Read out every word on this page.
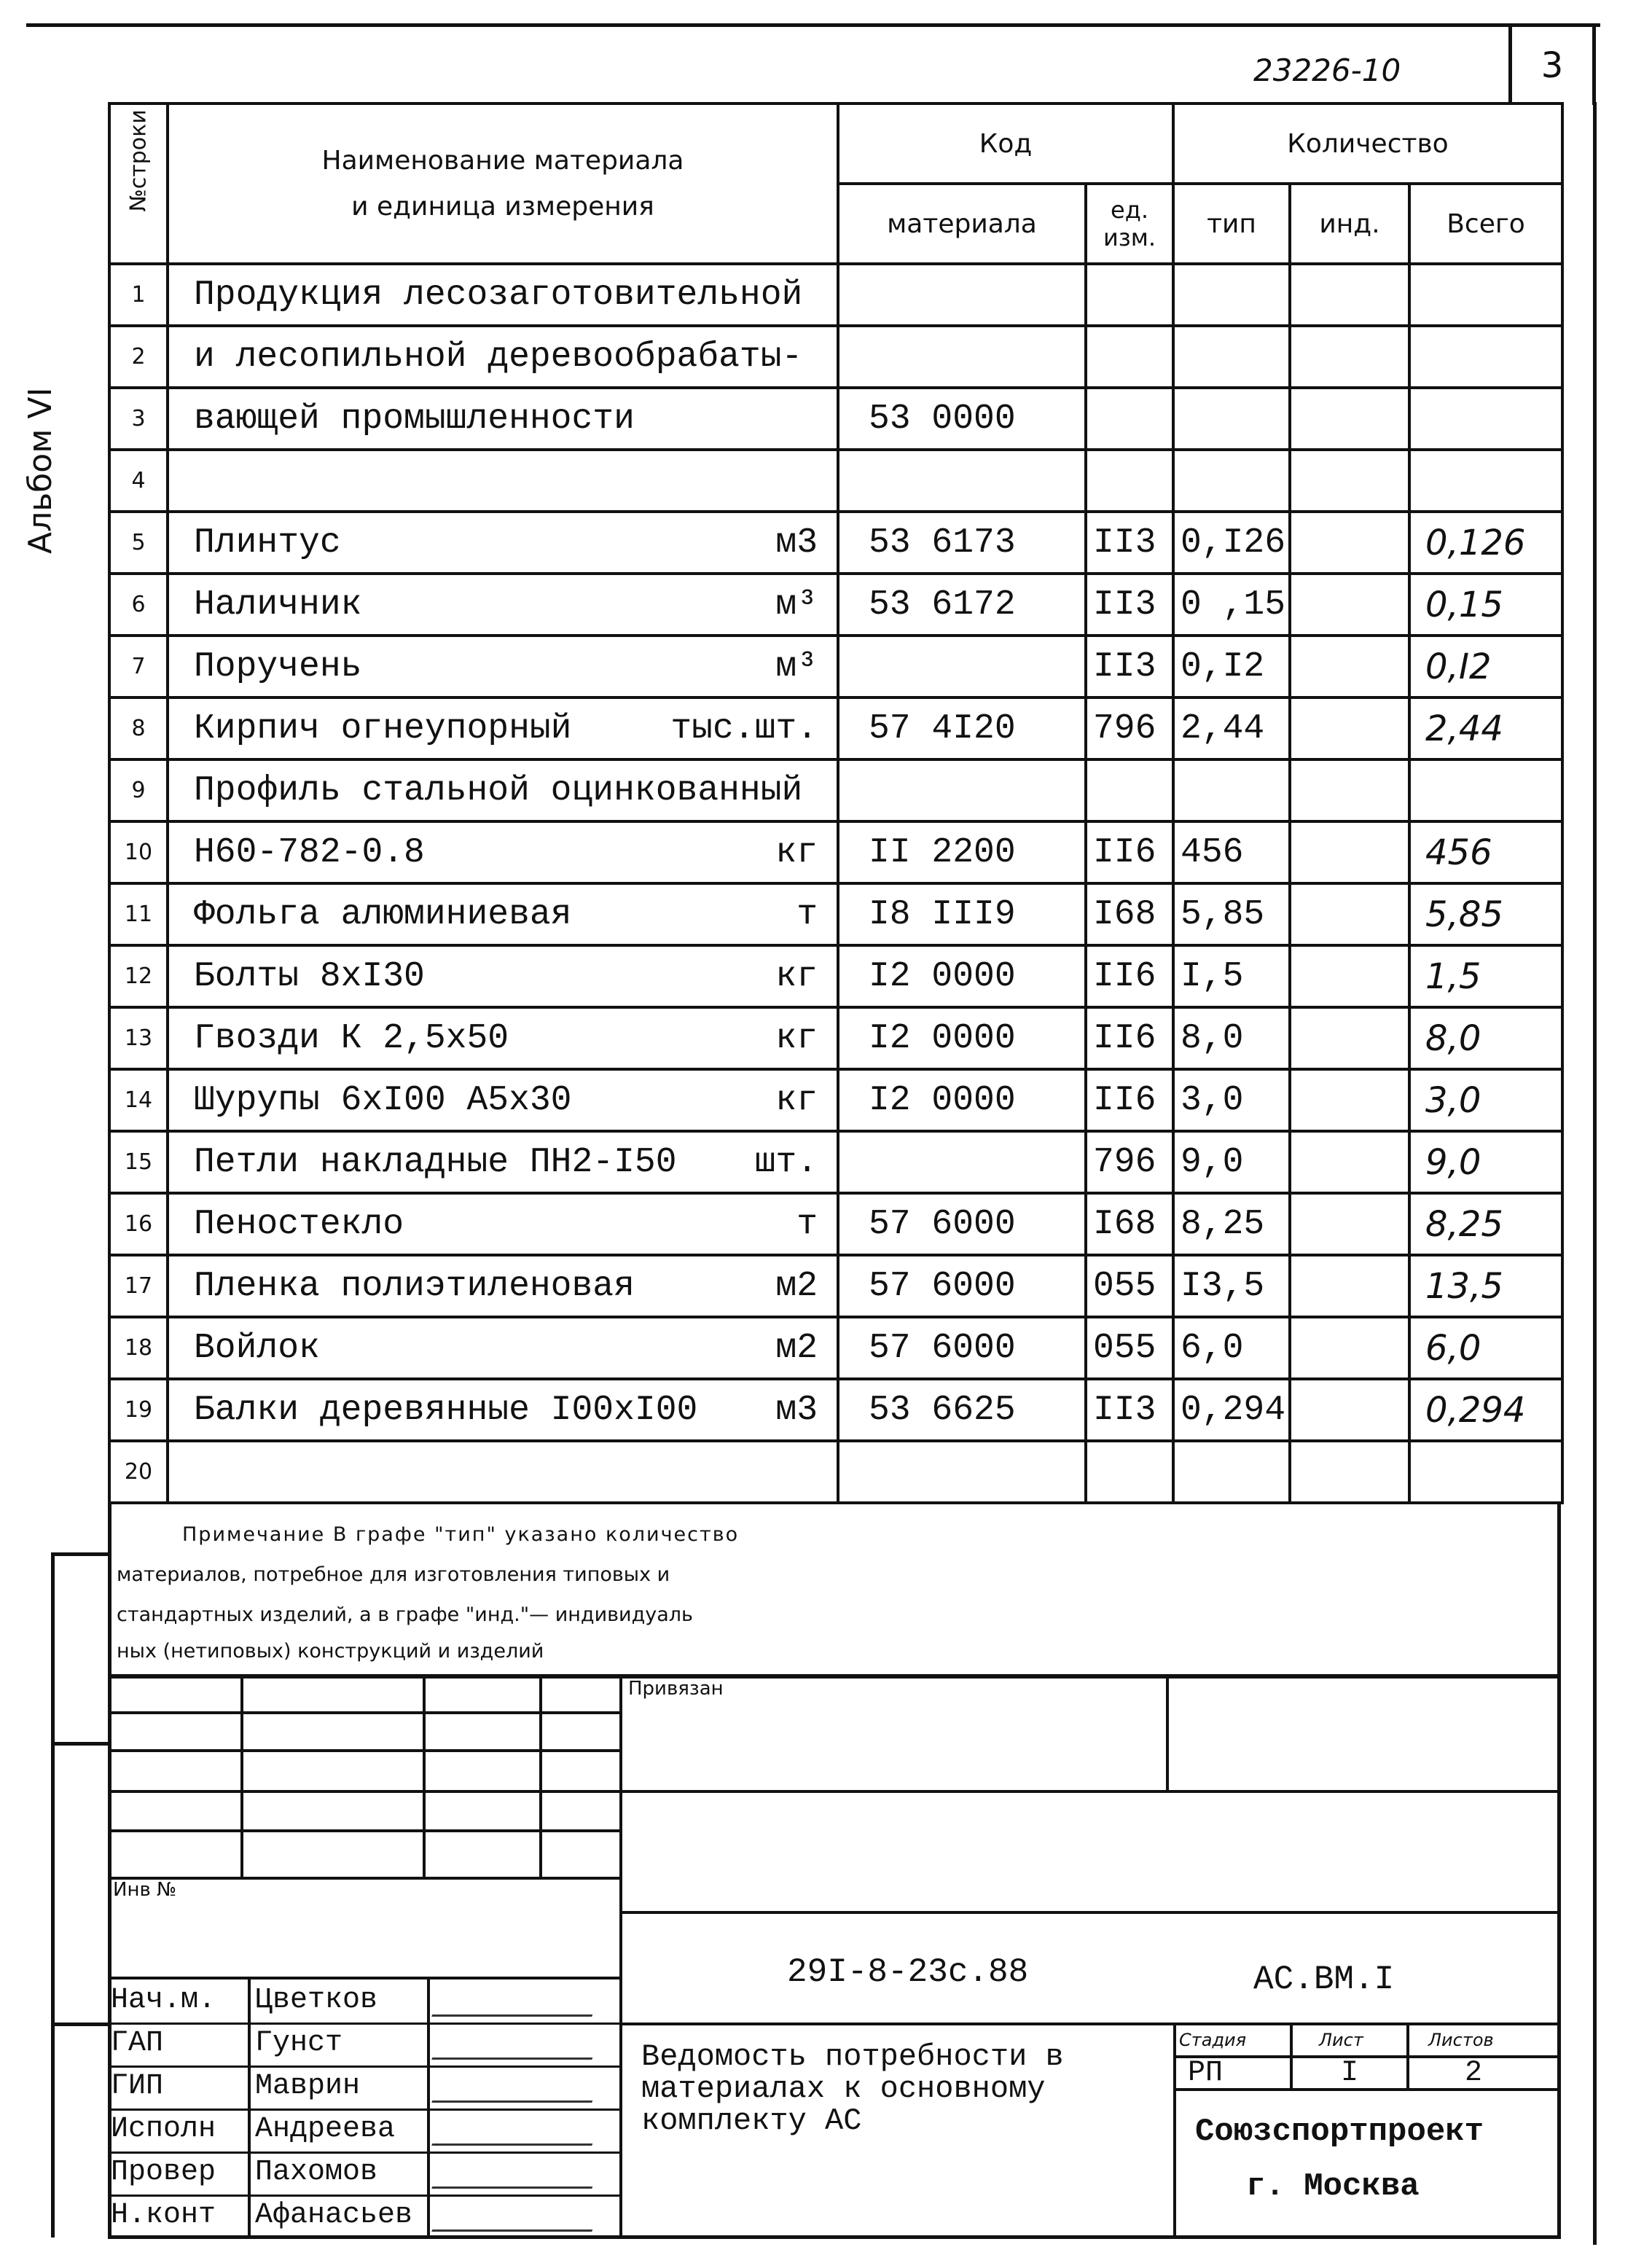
3
23226-10
Альбом VI
№строки	Наименование материала
и единица измерения	Код		Количество		
		материала	ед. изм.	тип	инд.	Всего
1	Продукция лесозаготовительной					

2	и лесопильной деревообрабаты-					

3	вающей промышленности	53 0000				
4	

5	Плинтус м3	53 6173	II3	0,I26		0,126
6	Наличник м³	53 6172	II3	0 ,15		0,15
7	Поручень м³		II3	0,I2		0,I2
8	Кирпич огнеупорный тыс.шт.	57 4I20	796	2,44		2,44
9	Профиль стальной оцинкованный					

10	Н60-782-0.8 кг	II 2200	II6	456		456
11	Фольга алюминиевая т	I8 III9	I68	5,85		5,85
12	Болты 8хI30 кг	I2 0000	II6	I,5		1,5
13	Гвозди К 2,5х50 кг	I2 0000	II6	8,0		8,0
14	Шурупы 6хI00 А5х30 кг	I2 0000	II6	3,0		3,0
15	Петли накладные ПН2-I50 шт.		796	9,0		9,0
16	Пеностекло т	57 6000	I68	8,25		8,25
17	Пленка полиэтиленовая м2	57 6000	055	I3,5		13,5
18	Войлок м2	57 6000	055	6,0		6,0
19	Балки деревянные I00хI00 м3	53 6625	II3	0,294		0,294
20	

Примечание В графе "тип" указано количество
материалов, потребное для изготовления типовых и
стандартных изделий, а в графе "инд."— индивидуаль
ных (нетиповых) конструкций и изделий
Привязан
Инв №
29I-8-23с.88	АС.ВМ.I
Нач.м. Цветков
ГАП	Гунст
ГИП	Маврин
Исполн Андреева
Провер Пахомов
Н.конт Афанасьев
Ведомость потребности в
материалах к основному
комплекту АС
Стадия	Лист	Листов
РП	I	2
Союзспортпроект
г. Москва
